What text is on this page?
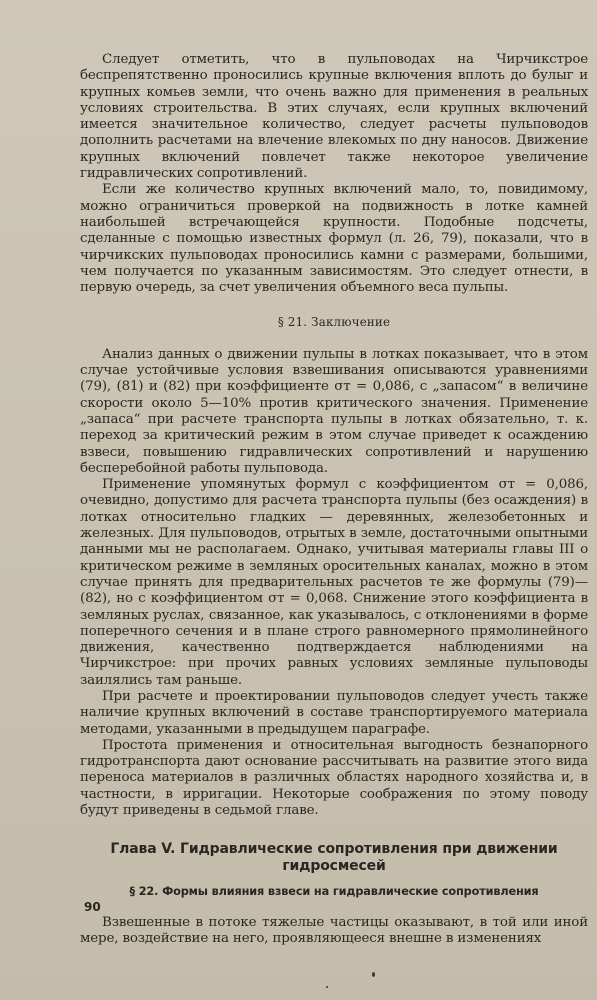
Следует отметить, что в пульповодах на Чирчикстрое беспрепятственно проносились крупные включения вплоть до булыг и крупных комьев земли, что очень важно для применения в реальных условиях строительства. В этих случаях, если крупных включений имеется значительное количество, следует расчеты пульповодов дополнить расчетами на влечение влекомых по дну наносов. Движение крупных включений повлечет также некоторое увеличение гидравлических сопротивлений.

Если же количество крупных включений мало, то, повидимому, можно ограничиться проверкой на подвижность в лотке камней наибольшей встречающейся крупности. Подобные подсчеты, сделанные с помощью известных формул (л. 26, 79), показали, что в чирчикских пульповодах проносились камни с размерами, большими, чем получается по указанным зависимостям. Это следует отнести, в первую очередь, за счет увеличения объемного веса пульпы.

§ 21. Заключение

Анализ данных о движении пульпы в лотках показывает, что в этом случае устойчивые условия взвешивания описываются уравнениями (79), (81) и (82) при коэффициенте σт = 0,086, с „запасом“ в величине скорости около 5—10% против критического значения. Применение „запаса“ при расчете транспорта пульпы в лотках обязательно, т. к. переход за критический режим в этом случае приведет к осаждению взвеси, повышению гидравлических сопротивлений и нарушению бесперебойной работы пульповода.

Применение упомянутых формул с коэффициентом σт = 0,086, очевидно, допустимо для расчета транспорта пульпы (без осаждения) в лотках относительно гладких — деревянных, железобетонных и железных. Для пульповодов, отрытых в земле, достаточными опытными данными мы не располагаем. Однако, учитывая материалы главы III о критическом режиме в земляных оросительных каналах, можно в этом случае принять для предварительных расчетов те же формулы (79)—(82), но с коэффициентом σт = 0,068. Снижение этого коэффициента в земляных руслах, связанное, как указывалось, с отклонениями в форме поперечного сечения и в плане строго равномерного прямолинейного движения, качественно подтверждается наблюдениями на Чирчикстрое: при прочих равных условиях земляные пульповоды заилялись там раньше.

При расчете и проектировании пульповодов следует учесть также наличие крупных включений в составе транспортируемого материала методами, указанными в предыдущем параграфе.

Простота применения и относительная выгодность безнапорного гидротранспорта дают основание рассчитывать на развитие этого вида переноса материалов в различных областях народного хозяйства и, в частности, в ирригации. Некоторые соображения по этому поводу будут приведены в седьмой главе.

Глава V. Гидравлические сопротивления при движении гидросмесей
§ 22. Формы влияния взвеси на гидравлические сопротивления

Взвешенные в потоке тяжелые частицы оказывают, в той или иной мере, воздействие на него, проявляющееся внешне в изменениях

90
